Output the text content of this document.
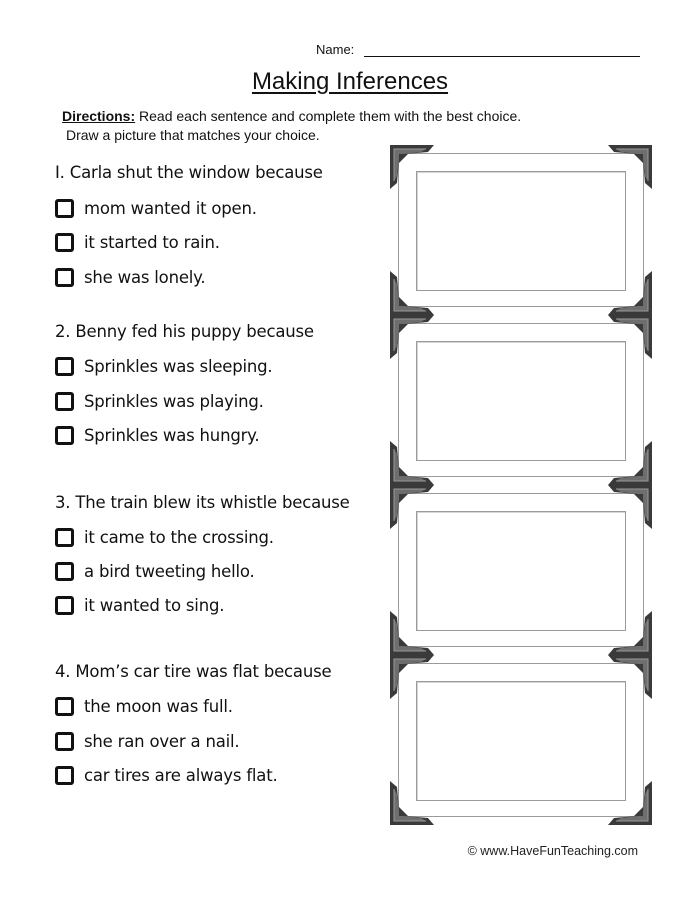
Name:
Making Inferences
Directions: Read each sentence and complete them with the best choice.
Draw a picture that matches your choice.
I. Carla shut the window because
mom wanted it open.
it started to rain.
she was lonely.
2. Benny fed his puppy because
Sprinkles was sleeping.
Sprinkles was playing.
Sprinkles was hungry.
3. The train blew its whistle because
it came to the crossing.
a bird tweeting hello.
it wanted to sing.
4. Mom’s car tire was flat because
the moon was full.
she ran over a nail.
car tires are always flat.
© www.HaveFunTeaching.com
